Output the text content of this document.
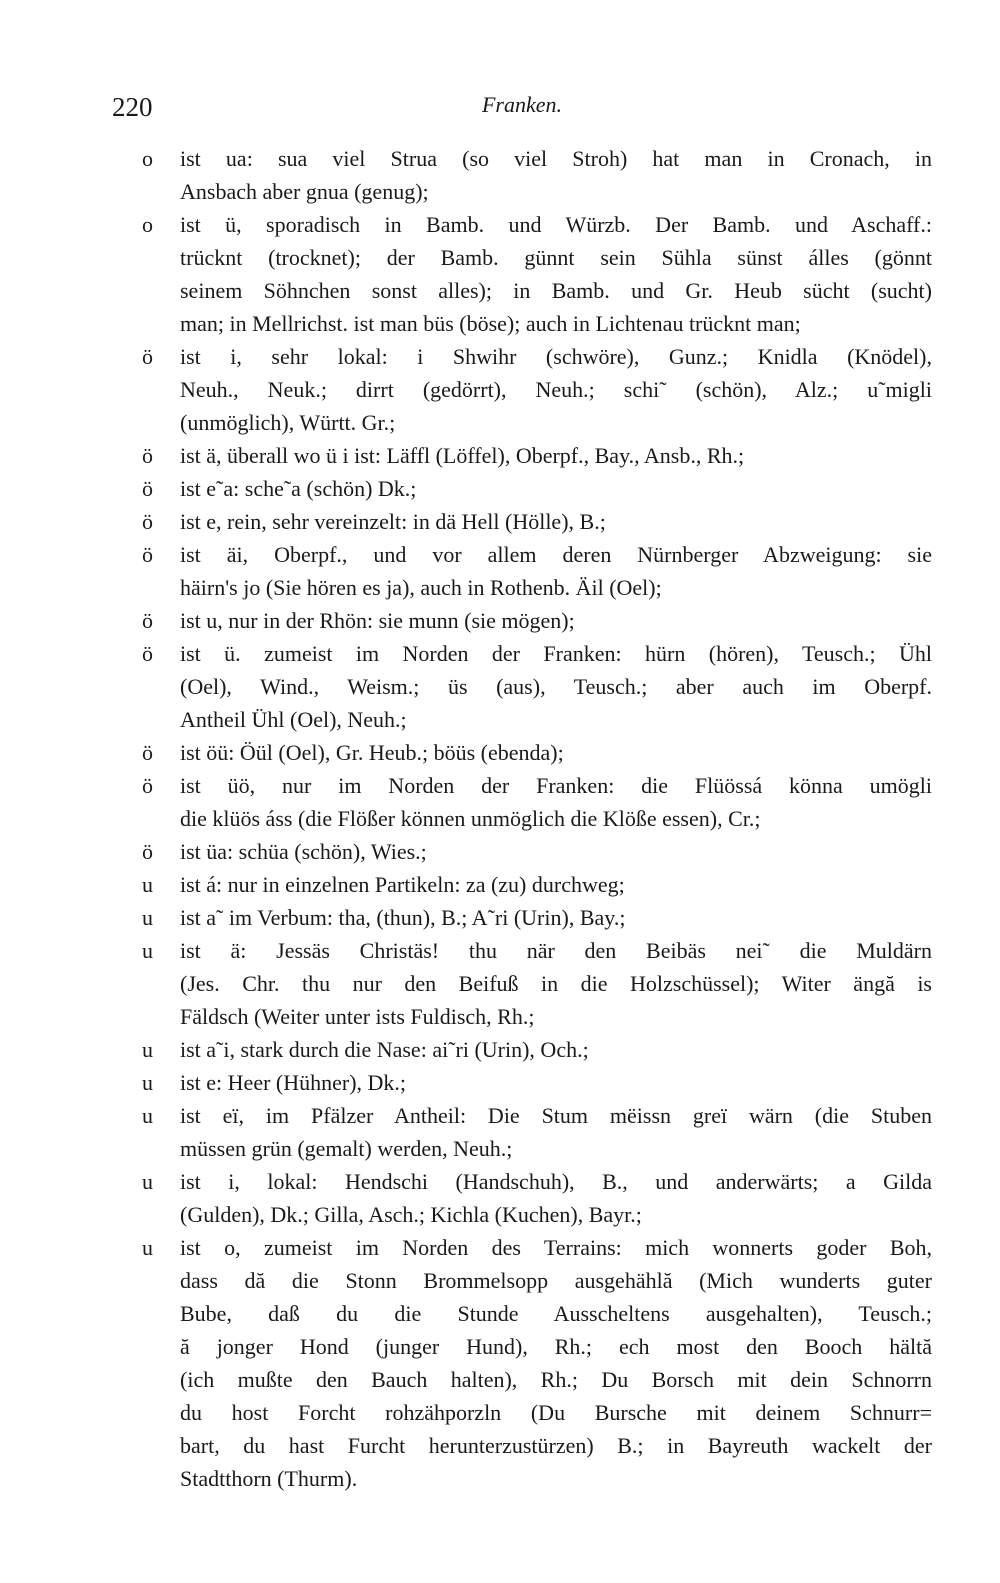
220	Franken.
o	ist ua: sua viel Strua (so viel Stroh) hat man in Cronach, in
Ansbach aber gnua (genug);
o	ist ü, sporadisch in Bamb. und Würzb. Der Bamb. und Aschaff.:
trücknt (trocknet); der Bamb. günnt sein Sühla sünst álles (gönnt
seinem Söhnchen sonst alles); in Bamb. und Gr. Heub sücht (sucht)
man; in Mellrichst. ist man büs (böse); auch in Lichtenau trücknt man;
ö	ist i, sehr lokal: i Shwihr (schwöre), Gunz.; Knidla (Knödel),
Neuh., Neuk.; dirrt (gedörrt), Neuh.; schi˜ (schön), Alz.; u˜migli
(unmöglich), Württ. Gr.;
ö	ist ä, überall wo ü i ist: Läffl (Löffel), Oberpf., Bay., Ansb., Rh.;
ö	ist e˜a: sche˜a (schön) Dk.;
ö	ist e, rein, sehr vereinzelt: in dä Hell (Hölle), B.;
ö	ist äi, Oberpf., und vor allem deren Nürnberger Abzweigung: sie
häirn's jo (Sie hören es ja), auch in Rothenb. Äil (Oel);
ö	ist u, nur in der Rhön: sie munn (sie mögen);
ö	ist ü. zumeist im Norden der Franken: hürn (hören), Teusch.; Ühl
(Oel), Wind., Weism.; üs (aus), Teusch.; aber auch im Oberpf.
Antheil Ühl (Oel), Neuh.;
ö	ist öü: Öül (Oel), Gr. Heub.; böüs (ebenda);
ö	ist üö, nur im Norden der Franken: die Flüössá könna umögli
die klüös áss (die Flößer können unmöglich die Klöße essen), Cr.;
ö	ist üa: schüa (schön), Wies.;
u	ist á: nur in einzelnen Partikeln: za (zu) durchweg;
u	ist a˜ im Verbum: tha, (thun), B.; A˜ri (Urin), Bay.;
u	ist ä: Jessäs Christäs! thu när den Beibäs nei˜ die Muldärn
(Jes. Chr. thu nur den Beifuß in die Holzschüssel); Witer ängă is
Fäldsch (Weiter unter ists Fuldisch, Rh.;
u	ist a˜i, stark durch die Nase: ai˜ri (Urin), Och.;
u	ist e: Heer (Hühner), Dk.;
u	ist eï, im Pfälzer Antheil: Die Stum mëissn greï wärn (die Stuben
müssen grün (gemalt) werden, Neuh.;
u	ist i, lokal: Hendschi (Handschuh), B., und anderwärts; a Gilda
(Gulden), Dk.; Gilla, Asch.; Kichla (Kuchen), Bayr.;
u	ist o, zumeist im Norden des Terrains: mich wonnerts goder Boh,
dass dă die Stonn Brommelsopp ausgehählă (Mich wunderts guter
Bube, daß du die Stunde Ausscheltens ausgehalten), Teusch.;
ă jonger Hond (junger Hund), Rh.; ech most den Booch hältă
(ich mußte den Bauch halten), Rh.; Du Borsch mit dein Schnorrn
du host Forcht rohzähporzln (Du Bursche mit deinem Schnurr=
bart, du hast Furcht herunterzustürzen) B.; in Bayreuth wackelt der
Stadtthorn (Thurm).
